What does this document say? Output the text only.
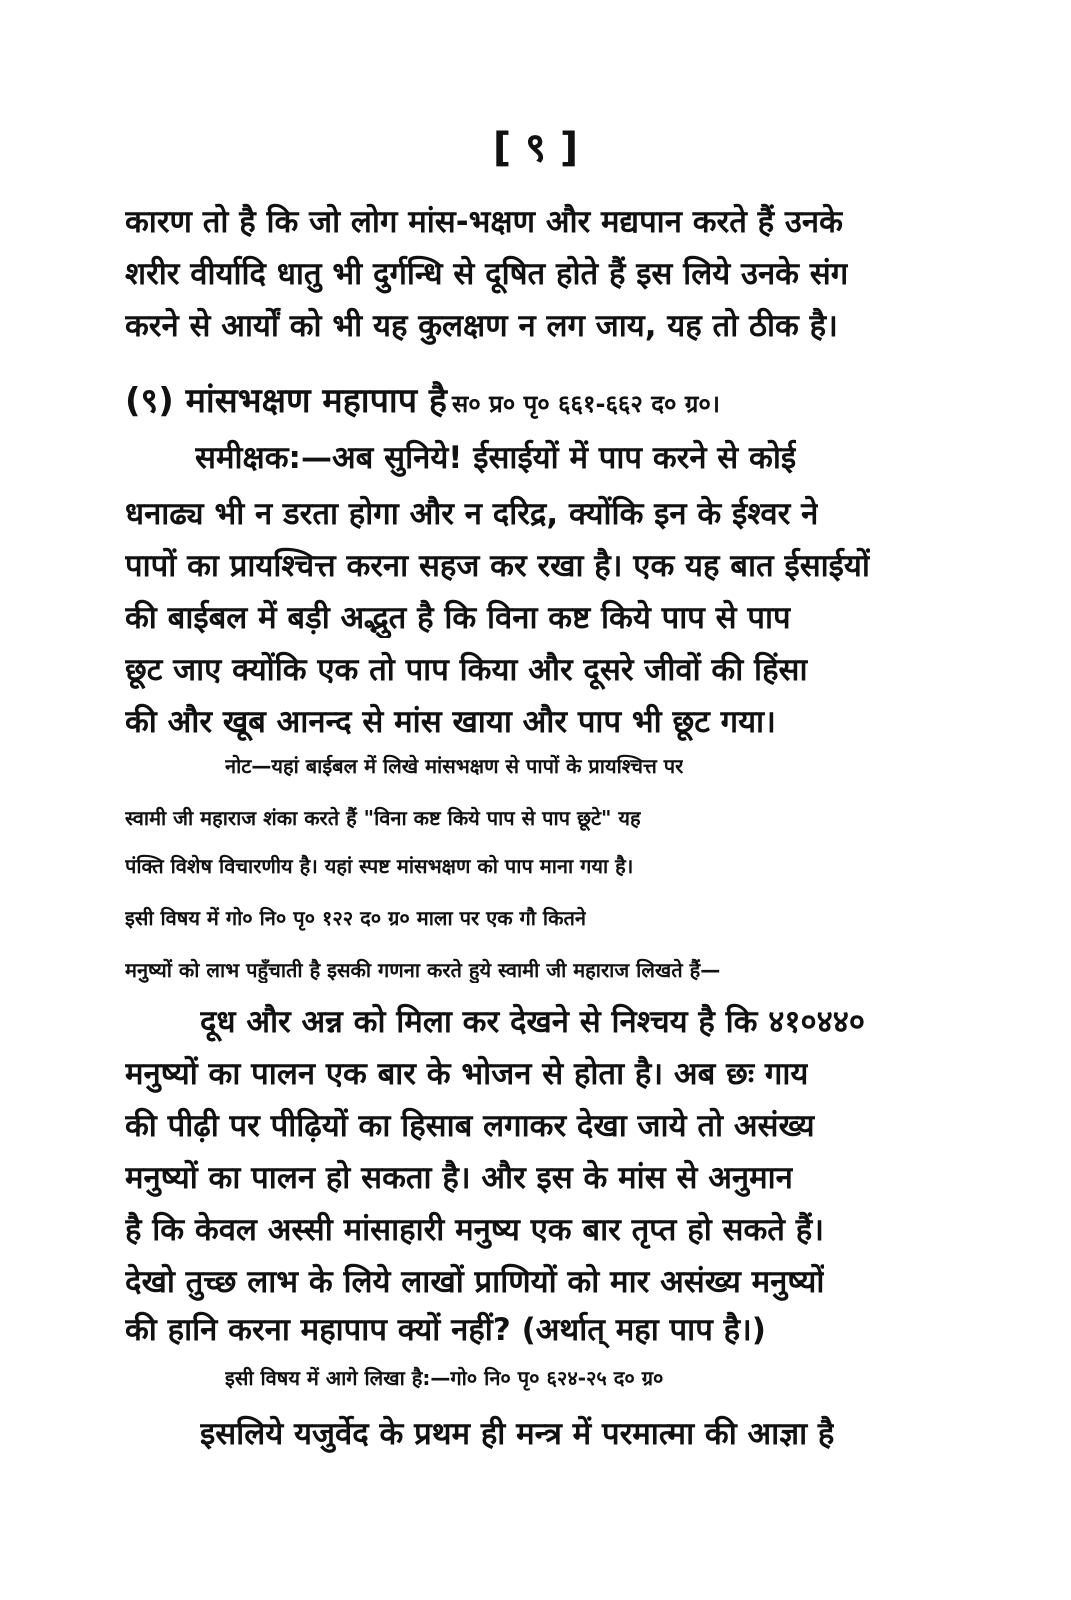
[ ९ ]
कारण तो है कि जो लोग मांस-भक्षण और मद्यपान करते हैं उनके
शरीर वीर्यादि धातु भी दुर्गन्धि से दूषित होते हैं इस लिये उनके संग
करने से आर्यों को भी यह कुलक्षण न लग जाय, यह तो ठीक है।
(९) मांसभक्षण महापाप है स० प्र० पृ० ६६१-६६२ द० ग्र०।
समीक्षक:—अब सुनिये! ईसाईयों में पाप करने से कोई
धनाढ्य भी न डरता होगा और न दरिद्र, क्योंकि इन के ईश्वर ने
पापों का प्रायश्चित्त करना सहज कर रखा है। एक यह बात ईसाईयों
की बाईबल में बड़ी अद्भुत है कि विना कष्ट किये पाप से पाप
छूट जाए क्योंकि एक तो पाप किया और दूसरे जीवों की हिंसा
की और खूब आनन्द से मांस खाया और पाप भी छूट गया।
नोट—यहां बाईबल में लिखे मांसभक्षण से पापों के प्रायश्चित्त पर
स्वामी जी महाराज शंका करते हैं "विना कष्ट किये पाप से पाप छूटे" यह
पंक्ति विशेष विचारणीय है। यहां स्पष्ट मांसभक्षण को पाप माना गया है।
इसी विषय में गो० नि० पृ० १२२ द० ग्र० माला पर एक गौ कितने
मनुष्यों को लाभ पहुँचाती है इसकी गणना करते हुये स्वामी जी महाराज लिखते हैं—
दूध और अन्न को मिला कर देखने से निश्चय है कि ४१०४४०
मनुष्यों का पालन एक बार के भोजन से होता है। अब छः गाय
की पीढ़ी पर पीढ़ियों का हिसाब लगाकर देखा जाये तो असंख्य
मनुष्यों का पालन हो सकता है। और इस के मांस से अनुमान
है कि केवल अस्सी मांसाहारी मनुष्य एक बार तृप्त हो सकते हैं।
देखो तुच्छ लाभ के लिये लाखों प्राणियों को मार असंख्य मनुष्यों
की हानि करना महापाप क्यों नहीं? (अर्थात् महा पाप है।)
इसी विषय में आगे लिखा है:—गो० नि० पृ० ६२४-२५ द० ग्र०
इसलिये यजुर्वेद के प्रथम ही मन्त्र में परमात्मा की आज्ञा है
